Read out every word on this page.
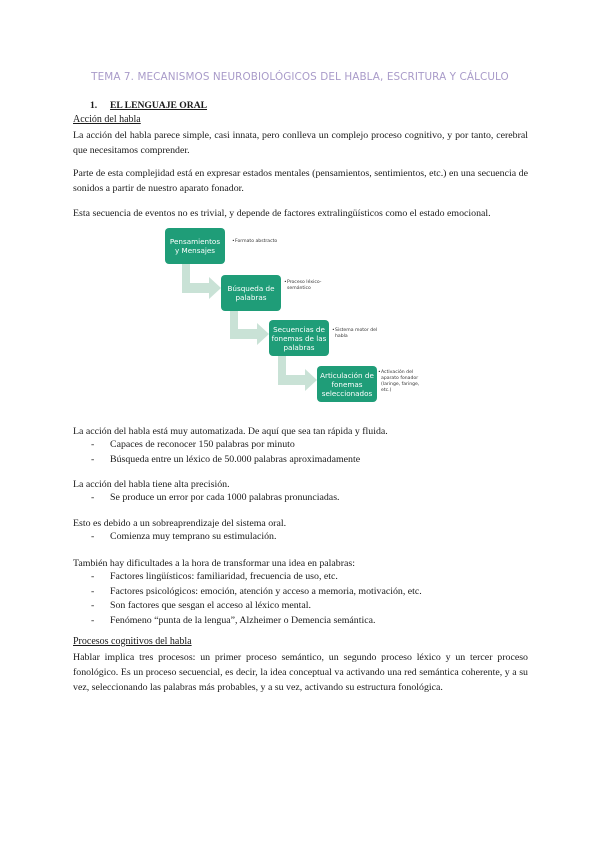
TEMA 7. MECANISMOS NEUROBIOLÓGICOS DEL HABLA, ESCRITURA Y CÁLCULO
1. EL LENGUAJE ORAL
Acción del habla
La acción del habla parece simple, casi innata, pero conlleva un complejo proceso cognitivo, y por tanto, cerebral que necesitamos comprender.
Parte de esta complejidad está en expresar estados mentales (pensamientos, sentimientos, etc.) en una secuencia de sonidos a partir de nuestro aparato fonador.
Esta secuencia de eventos no es trivial, y depende de factores extralingüísticos como el estado emocional.
Pensamientos y Mensajes
• Formato abstracto
Búsqueda de palabras
• Proceso léxico-semántico
Secuencias de fonemas de las palabras
• Sistema motor del habla
Articulación de fonemas seleccionados
• Activación del aparato fonador (laringe, faringe, etc.)
La acción del habla está muy automatizada. De aquí que sea tan rápida y fluida.
- Capaces de reconocer 150 palabras por minuto
- Búsqueda entre un léxico de 50.000 palabras aproximadamente
La acción del habla tiene alta precisión.
- Se produce un error por cada 1000 palabras pronunciadas.
Esto es debido a un sobreaprendizaje del sistema oral.
- Comienza muy temprano su estimulación.
También hay dificultades a la hora de transformar una idea en palabras:
- Factores lingüísticos: familiaridad, frecuencia de uso, etc.
- Factores psicológicos: emoción, atención y acceso a memoria, motivación, etc.
- Son factores que sesgan el acceso al léxico mental.
- Fenómeno “punta de la lengua”, Alzheimer o Demencia semántica.
Procesos cognitivos del habla
Hablar implica tres procesos: un primer proceso semántico, un segundo proceso léxico y un tercer proceso fonológico. Es un proceso secuencial, es decir, la idea conceptual va activando una red semántica coherente, y a su vez, seleccionando las palabras más probables, y a su vez, activando su estructura fonológica.
